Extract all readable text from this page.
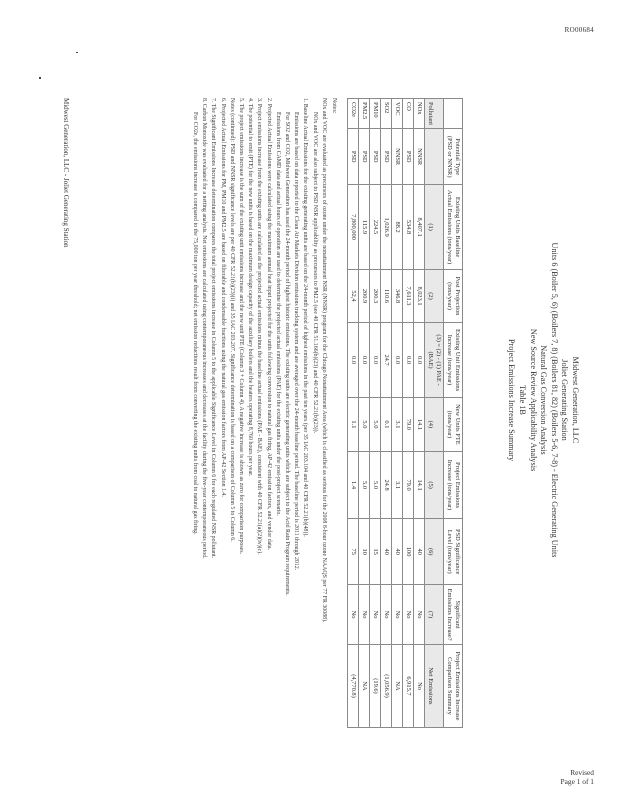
RO00684
Midwest Generation, LLC
Joliet Generating Station
Units 6 (Boiler 5, 6) (Boilers 7, 8) (Boilers 81, 82) (Boilers 5-6, 7-8) - Electric Generating Units
Natural Gas Conversion Analysis
New Source Review Applicability Analysis
Table 1B
Project Emissions Increase Summary
	Potential Type (PSD or NNSR)	Existing Units Baseline Actual Emissions (tons/year)	Post Projection (tons/year)	Existing Unit Emissions Increase (tons/year)	New Units PTE (tons/year)	Project Emissions Increase (tons/year)	PSD Significance Level (tons/year)	Significant Emissions Increase?	Project Emissions Increase Comparison Summary
Pollutant		(1)	(2)	(3) = (2) - (1) PAE - (BAE)	(4)	(5)	(6)	(7)	Net Emissions
NOx	NNSR	8,407.1	8,023.1	0.0	14.1	14.1	40	No	No
CO	PSD	534.8	7,611.3	0.0	79.0	79.0	100	No	6,915.7
VOC	NNSR	88.2	346.8	0.0	3.1	3.1	40	No	NA
SO2	PSD	1,026.9	110.6	24.7	0.1	24.8	40	No	(1,056.9)
PM10	PSD	224.5	200.3	0.0	5.0	5.0	15	No	(19.6)
PM2.5	PSD	115.9	200.9	0.0	5.0	5.0	10	No	NA
CO2e	PSD	7,800,000	52,4	0.0	1.1	1.4	75	No	(4,770.8)
Notes:
NOx and VOC are evaluated as precursors of ozone under the nonattainment NSR (NNSR) program for the Chicago Nonattainment Area (which is classified as serious for the 2008 8-hour ozone NAAQS per 77 FR 30088).
NOx and VOC are also subject to PSD NSR applicability as precursors to PM2.5 (see 40 CFR 51.166(b)(23) and 40 CFR 52.21(b)(23)).
1. Baseline Actual Emissions for the existing generating units are based on the 24-month period of highest emissions in the past ten years (per 35 IAC 203.104 and 40 CFR 52.21(b)(48)).
Emissions are based on data reported to the Clean Air Markets Division emissions tracking system and are averaged over the 24-month baseline period. The baseline period is 2011 through 2012.
For SO2 and CO2, Midwest Generation has used the 24-month period of highest historic emissions. The existing units are electric generating units which are subject to the Acid Rain Program requirements.
Emissions from CAMD data and actual hours of operation are used to determine the projected actual emissions (PAE) for the existing units under the post-project scenario.
2. Projected Actual Emissions were calculated using the maximum annual heat input projected for the units following conversion to natural gas firing, AP-42 emission factors, and vendor data.
3. Project emissions increase from the existing units are calculated as the projected actual emissions minus the baseline actual emissions (PAE - BAE), consistent with 40 CFR 52.21(a)(2)(iv)(c).
4. The potential to emit (PTE) for the new units is based on the maximum design capacity of the auxiliary boilers and the heaters operating 8,760 hours per year.
5. The project emissions increase is the sum of the existing unit emissions increase and the new unit PTE (Column 3 + Column 4). A negative increase is shown as zero for comparison purposes.
Notes (continued): PSD and NNSR significance levels are per 40 CFR 52.21(b)(23)(i) and 35 IAC 203.207. Significance determination is based on a comparison of Column 5 to Column 6.
6. Projected Actual Emissions for PM, PM10 and PM2.5 are based on filterable and condensable fractions using the natural gas emission factors from AP-42 Section 1.4.
7. The Significant Emissions Increase determination compares the total project emissions increase in Column 5 to the applicable Significance Level in Column 6 for each regulated NSR pollutant.
8. Carbon Monoxide was evaluated for a netting analysis. Net emissions are calculated using contemporaneous increases and decreases at the facility during the five-year contemporaneous period.
For CO2e, the emissions increase is compared to the 75,000 ton per year threshold; net emission reductions result from converting the existing units from coal to natural gas firing.
Midwest Generation, LLC - Joliet Generating Station
Revised
Page 1 of 1
